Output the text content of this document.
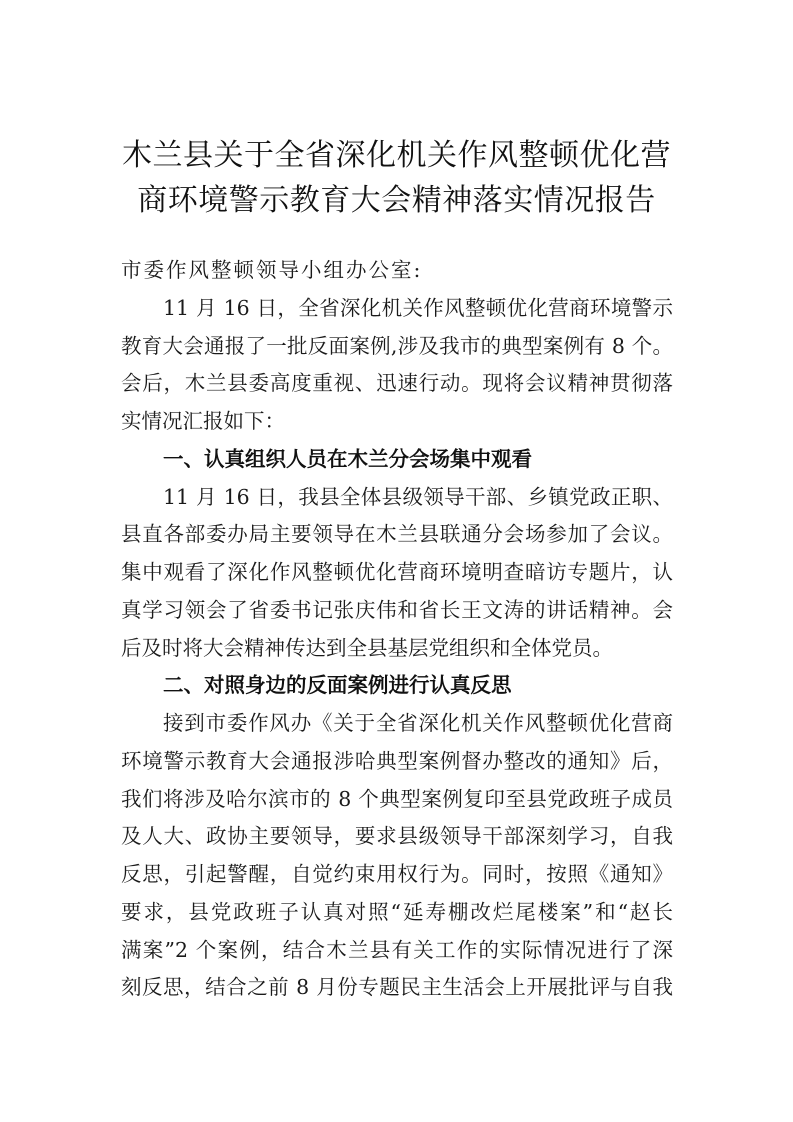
木兰县关于全省深化机关作风整顿优化营
商环境警示教育大会精神落实情况报告
市委作风整顿领导小组办公室:
11 月 16 日，全省深化机关作风整顿优化营商环境警示
教育大会通报了一批反面案例,涉及我市的典型案例有 8 个。
会后，木兰县委高度重视、迅速行动。现将会议精神贯彻落
实情况汇报如下：
一、认真组织人员在木兰分会场集中观看
11 月 16 日，我县全体县级领导干部、乡镇党政正职、
县直各部委办局主要领导在木兰县联通分会场参加了会议。
集中观看了深化作风整顿优化营商环境明查暗访专题片，认
真学习领会了省委书记张庆伟和省长王文涛的讲话精神。会
后及时将大会精神传达到全县基层党组织和全体党员。
二、对照身边的反面案例进行认真反思
接到市委作风办《关于全省深化机关作风整顿优化营商
环境警示教育大会通报涉哈典型案例督办整改的通知》后，
我们将涉及哈尔滨市的 8 个典型案例复印至县党政班子成员
及人大、政协主要领导，要求县级领导干部深刻学习，自我
反思，引起警醒，自觉约束用权行为。同时，按照《通知》
要求，县党政班子认真对照“延寿棚改烂尾楼案”和“赵长
满案”2 个案例，结合木兰县有关工作的实际情况进行了深
刻反思，结合之前 8 月份专题民主生活会上开展批评与自我
